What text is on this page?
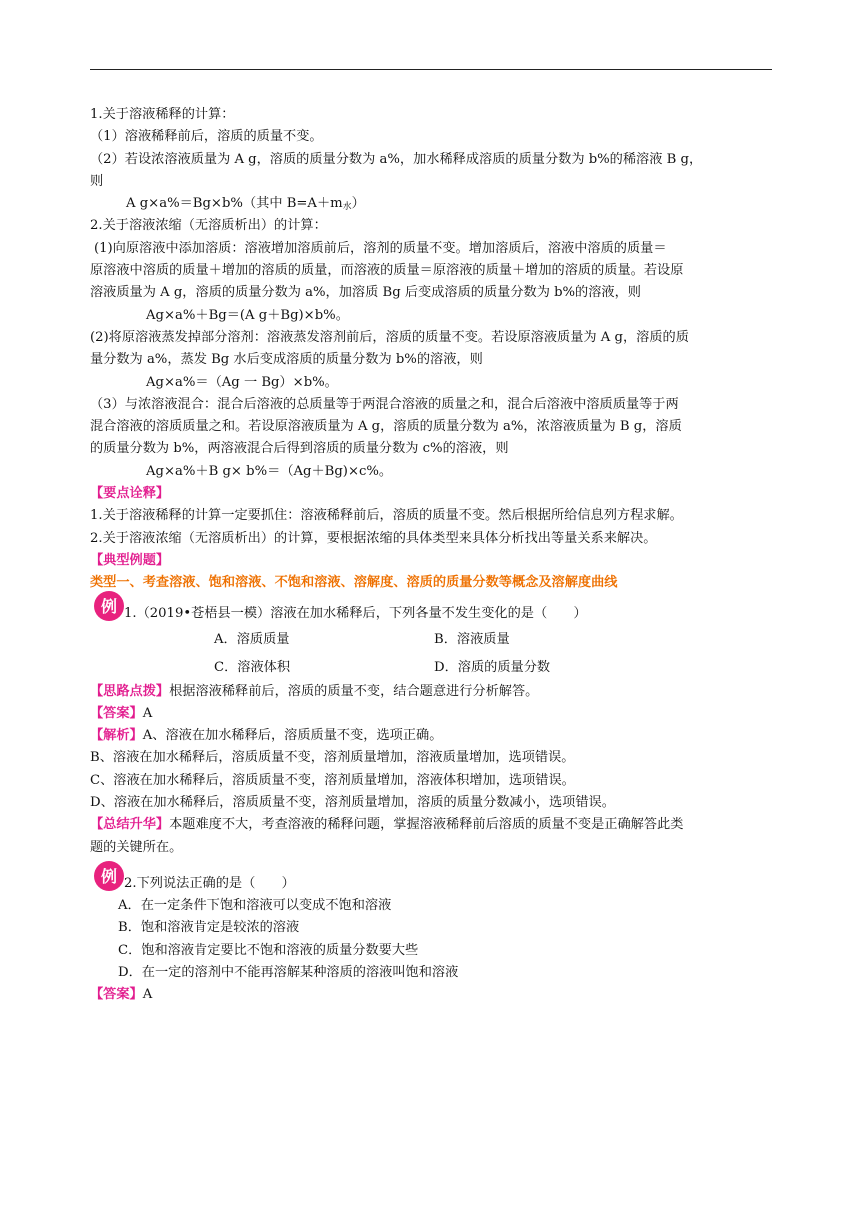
1.关于溶液稀释的计算：
（1）溶液稀释前后，溶质的质量不变。
（2）若设浓溶液质量为 A g，溶质的质量分数为 a%，加水稀释成溶质的质量分数为 b%的稀溶液 B g，
则
A g×a%＝Bg×b%（其中 $B=A+m_水$）
2.关于溶液浓缩（无溶质析出）的计算：
(1)向原溶液中添加溶质：溶液增加溶质前后，溶剂的质量不变。增加溶质后，溶液中溶质的质量＝
原溶液中溶质的质量＋增加的溶质的质量，而溶液的质量＝原溶液的质量＋增加的溶质的质量。若设原
溶液质量为 A g，溶质的质量分数为 a%，加溶质 Bg 后变成溶质的质量分数为 b%的溶液，则
Ag×a%＋Bg＝(A g＋Bg)×b%。
(2)将原溶液蒸发掉部分溶剂：溶液蒸发溶剂前后，溶质的质量不变。若设原溶液质量为 A g，溶质的质
量分数为 a%，蒸发 Bg 水后变成溶质的质量分数为 b%的溶液，则
Ag×a%＝（Ag 一 Bg）×b%。
（3）与浓溶液混合：混合后溶液的总质量等于两混合溶液的质量之和，混合后溶液中溶质质量等于两
混合溶液的溶质质量之和。若设原溶液质量为 A g，溶质的质量分数为 a%，浓溶液质量为 B g，溶质
的质量分数为 b%，两溶液混合后得到溶质的质量分数为 c%的溶液，则
Ag×a%＋B g× b%＝（Ag＋Bg)×c%。
【要点诠释】
1.关于溶液稀释的计算一定要抓住：溶液稀释前后，溶质的质量不变。然后根据所给信息列方程求解。
2.关于溶液浓缩（无溶质析出）的计算，要根据浓缩的具体类型来具体分析找出等量关系来解决。
【典型例题】
类型一、考查溶液、饱和溶液、不饱和溶液、溶解度、溶质的质量分数等概念及溶解度曲线
例 1.（2019•苍梧县一模）溶液在加水稀释后，下列各量不发生变化的是（　　）
A．溶质质量	B．溶液质量
C．溶液体积	D．溶质的质量分数
【思路点拨】根据溶液稀释前后，溶质的质量不变，结合题意进行分析解答。
【答案】A
【解析】A、溶液在加水稀释后，溶质质量不变，选项正确。
B、溶液在加水稀释后，溶质质量不变，溶剂质量增加，溶液质量增加，选项错误。
C、溶液在加水稀释后，溶质质量不变，溶剂质量增加，溶液体积增加，选项错误。
D、溶液在加水稀释后，溶质质量不变，溶剂质量增加，溶质的质量分数减小，选项错误。
【总结升华】本题难度不大，考查溶液的稀释问题，掌握溶液稀释前后溶质的质量不变是正确解答此类
题的关键所在。
例 2.下列说法正确的是（　　）
A．在一定条件下饱和溶液可以变成不饱和溶液
B．饱和溶液肯定是较浓的溶液
C．饱和溶液肯定要比不饱和溶液的质量分数要大些
D．在一定的溶剂中不能再溶解某种溶质的溶液叫饱和溶液
【答案】A
